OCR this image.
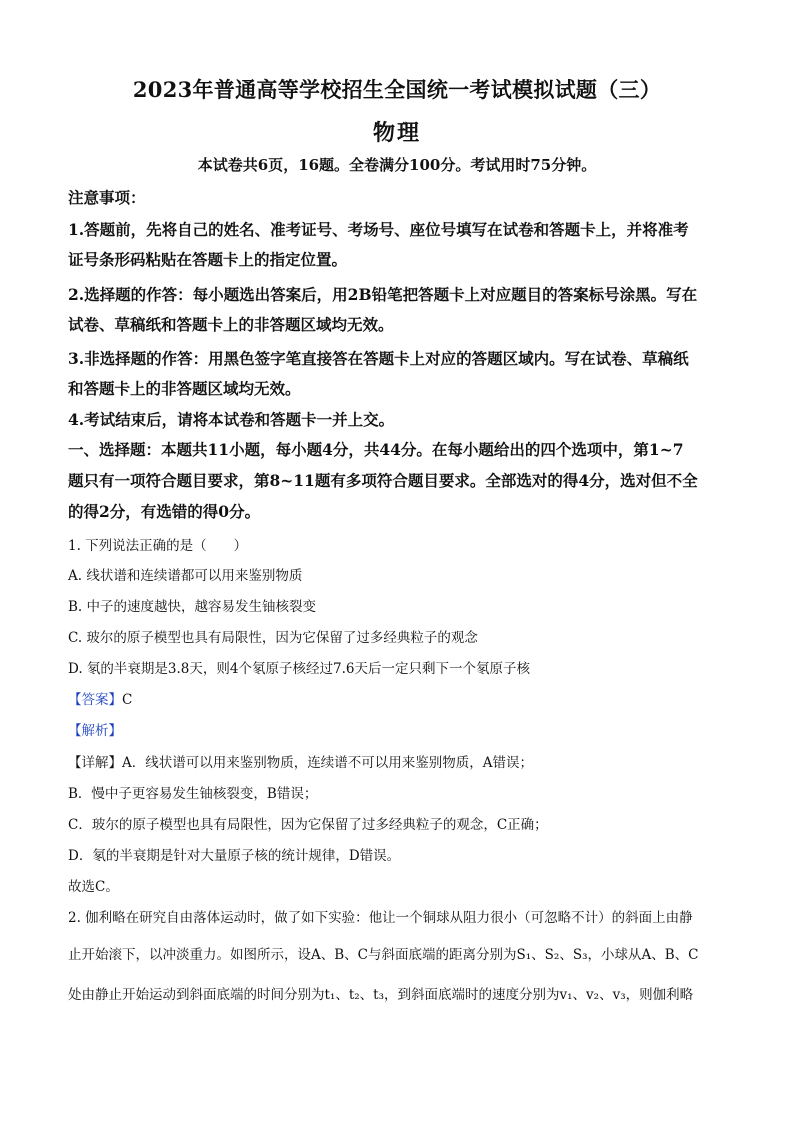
2023年普通高等学校招生全国统一考试模拟试题（三）
物理
本试卷共6页，16题。全卷满分100分。考试用时75分钟。
注意事项：
1.答题前，先将自己的姓名、准考证号、考场号、座位号填写在试卷和答题卡上，并将准考
证号条形码粘贴在答题卡上的指定位置。
2.选择题的作答：每小题选出答案后，用2B铅笔把答题卡上对应题目的答案标号涂黑。写在
试卷、草稿纸和答题卡上的非答题区域均无效。
3.非选择题的作答：用黑色签字笔直接答在答题卡上对应的答题区域内。写在试卷、草稿纸
和答题卡上的非答题区域均无效。
4.考试结束后，请将本试卷和答题卡一并上交。
一、选择题：本题共11小题，每小题4分，共44分。在每小题给出的四个选项中，第1~7
题只有一项符合题目要求，第8~11题有多项符合题目要求。全部选对的得4分，选对但不全
的得2分，有选错的得0分。
1. 下列说法正确的是（　　）
A. 线状谱和连续谱都可以用来鉴别物质
B. 中子的速度越快，越容易发生铀核裂变
C. 玻尔的原子模型也具有局限性，因为它保留了过多经典粒子的观念
D. 氡的半衰期是3.8天，则4个氡原子核经过7.6天后一定只剩下一个氡原子核
【答案】C
【解析】
【详解】A．线状谱可以用来鉴别物质，连续谱不可以用来鉴别物质，A错误；
B．慢中子更容易发生铀核裂变，B错误；
C．玻尔的原子模型也具有局限性，因为它保留了过多经典粒子的观念，C正确；
D．氡的半衰期是针对大量原子核的统计规律，D错误。
故选C。
2. 伽利略在研究自由落体运动时，做了如下实验：他让一个铜球从阻力很小（可忽略不计）的斜面上由静
止开始滚下，以冲淡重力。如图所示，设A、B、C与斜面底端的距离分别为S₁、S₂、S₃，小球从A、B、C
处由静止开始运动到斜面底端的时间分别为t₁、t₂、t₃，到斜面底端时的速度分别为v₁、v₂、v₃，则伽利略
